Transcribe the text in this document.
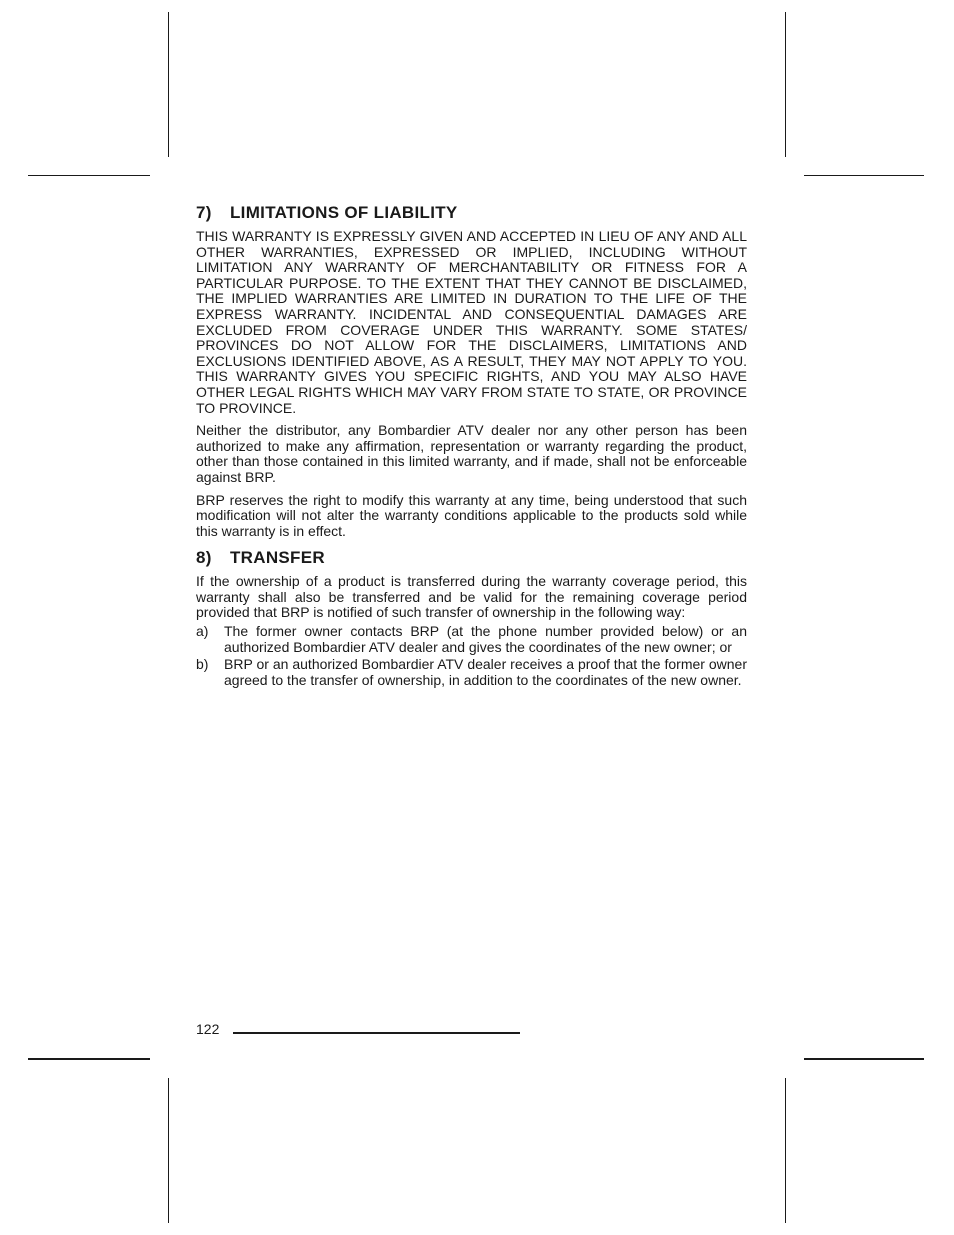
7) LIMITATIONS OF LIABILITY

THIS WARRANTY IS EXPRESSLY GIVEN AND ACCEPTED IN LIEU OF ANY AND ALL OTHER WARRANTIES, EXPRESSED OR IMPLIED, INCLUDING WITHOUT LIMITATION ANY WARRANTY OF MERCHANTABILITY OR FITNESS FOR A PARTICULAR PURPOSE. TO THE EXTENT THAT THEY CANNOT BE DISCLAIMED, THE IMPLIED WARRANTIES ARE LIMITED IN DURATION TO THE LIFE OF THE EXPRESS WARRANTY. INCIDENTAL AND CONSEQUENTIAL DAMAGES ARE EXCLUDED FROM COVERAGE UNDER THIS WARRANTY. SOME STATES/ PROVINCES DO NOT ALLOW FOR THE DISCLAIMERS, LIMITATIONS AND EXCLUSIONS IDENTIFIED ABOVE, AS A RESULT, THEY MAY NOT APPLY TO YOU. THIS WARRANTY GIVES YOU SPECIFIC RIGHTS, AND YOU MAY ALSO HAVE OTHER LEGAL RIGHTS WHICH MAY VARY FROM STATE TO STATE, OR PROVINCE TO PROVINCE.

Neither the distributor, any Bombardier ATV dealer nor any other person has been authorized to make any affirmation, representation or warranty regarding the product, other than those contained in this limited warranty, and if made, shall not be enforceable against BRP.

BRP reserves the right to modify this warranty at any time, being understood that such modification will not alter the warranty conditions applicable to the products sold while this warranty is in effect.

8) TRANSFER

If the ownership of a product is transferred during the warranty coverage period, this warranty shall also be transferred and be valid for the remaining coverage period provided that BRP is notified of such transfer of ownership in the following way:

a)	The former owner contacts BRP (at the phone number provided below) or an authorized Bombardier ATV dealer and gives the coordinates of the new owner; or
b)	BRP or an authorized Bombardier ATV dealer receives a proof that the former owner agreed to the transfer of ownership, in addition to the coordinates of the new owner.
122
